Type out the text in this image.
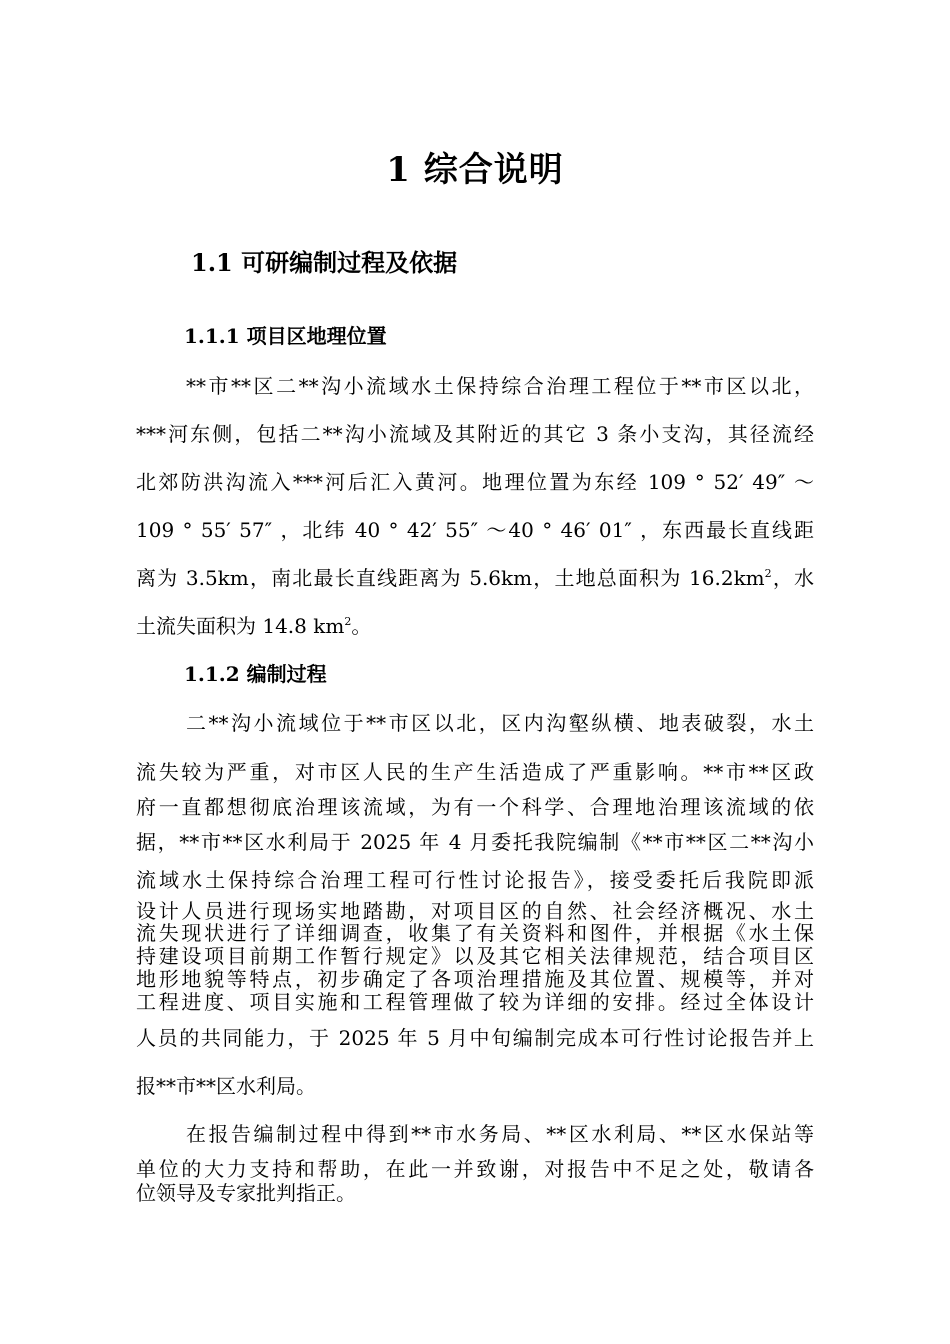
1 综合说明
1.1 可研编制过程及依据
1.1.1 项目区地理位置
**市**区二**沟小流域水土保持综合治理工程位于**市区以北，
***河东侧，包括二**沟小流域及其附近的其它 3 条小支沟，其径流经
北郊防洪沟流入***河后汇入黄河。地理位置为东经 109 ° 52′ 49″ ～
109 ° 55′ 57″ ，北纬 40 ° 42′ 55″ ～40 ° 46′ 01″ ，东西最长直线距
离为 3.5km，南北最长直线距离为 5.6km，土地总面积为 $16.2km^2$，水
土流失面积为 14.8 $km^2$。
1.1.2 编制过程
二**沟小流域位于**市区以北，区内沟壑纵横、地表破裂，水土
流失较为严重，对市区人民的生产生活造成了严重影响。**市**区政
府一直都想彻底治理该流域，为有一个科学、合理地治理该流域的依
据，**市**区水利局于 2025 年 4 月委托我院编制《**市**区二**沟小
流域水土保持综合治理工程可行性讨论报告》，接受委托后我院即派
设计人员进行现场实地踏勘，对项目区的自然、社会经济概况、水土
流失现状进行了详细调查，收集了有关资料和图件，并根据《水土保
持建设项目前期工作暂行规定》以及其它相关法律规范，结合项目区
地形地貌等特点，初步确定了各项治理措施及其位置、规模等，并对
工程进度、项目实施和工程管理做了较为详细的安排。经过全体设计
人员的共同能力，于 2025 年 5 月中旬编制完成本可行性讨论报告并上
报**市**区水利局。
在报告编制过程中得到**市水务局、**区水利局、**区水保站等
单位的大力支持和帮助，在此一并致谢，对报告中不足之处，敬请各
位领导及专家批判指正。
